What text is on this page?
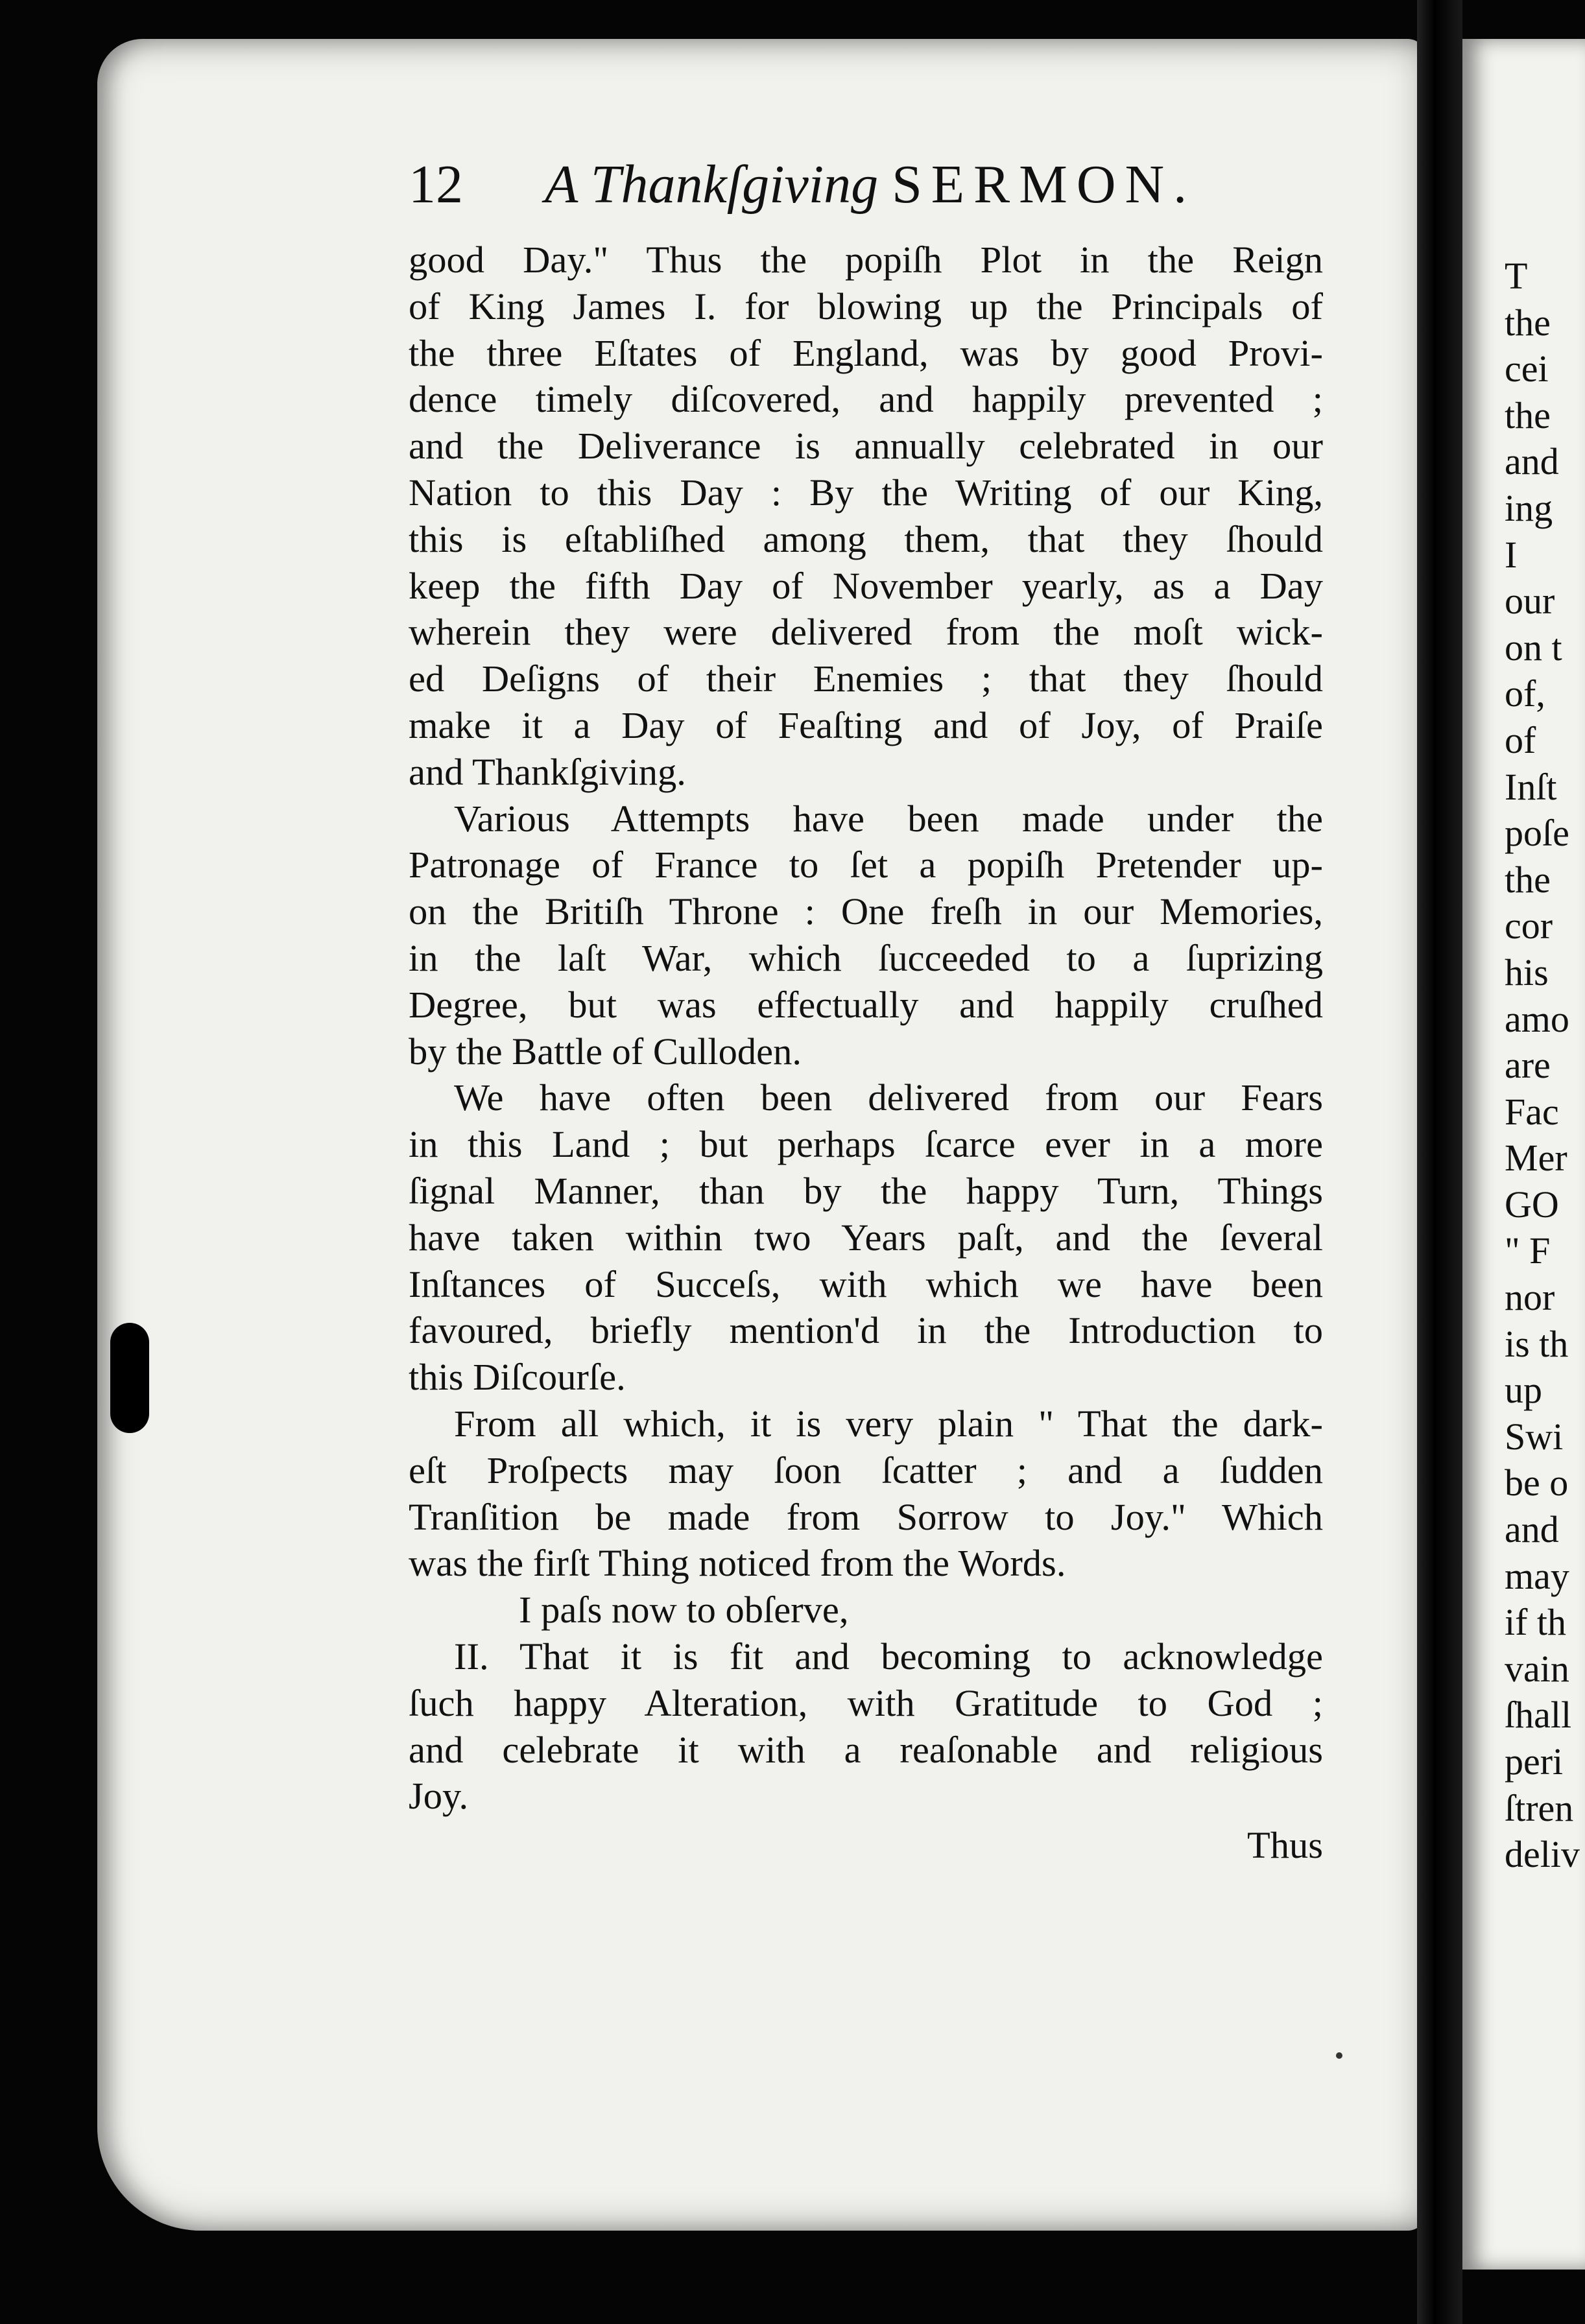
12 A Thankſgiving SERMON.
good Day." Thus the popiſh Plot in the Reign
of King James I. for blowing up the Principals of
the three Eſtates of England, was by good Provi-
dence timely diſcovered, and happily prevented ;
and the Deliverance is annually celebrated in our
Nation to this Day : By the Writing of our King,
this is eſtabliſhed among them, that they ſhould
keep the fifth Day of November yearly, as a Day
wherein they were delivered from the moſt wick-
ed Deſigns of their Enemies ; that they ſhould
make it a Day of Feaſting and of Joy, of Praiſe
and Thankſgiving.
Various Attempts have been made under the
Patronage of France to ſet a popiſh Pretender up-
on the Britiſh Throne : One freſh in our Memories,
in the laſt War, which ſucceeded to a ſuprizing
Degree, but was effectually and happily cruſhed
by the Battle of Culloden.
We have often been delivered from our Fears
in this Land ; but perhaps ſcarce ever in a more
ſignal Manner, than by the happy Turn, Things
have taken within two Years paſt, and the ſeveral
Inſtances of Succeſs, with which we have been
favoured, briefly mention'd in the Introduction to
this Diſcourſe.
From all which, it is very plain " That the dark-
eſt Proſpects may ſoon ſcatter ; and a ſudden
Tranſition be made from Sorrow to Joy." Which
was the firſt Thing noticed from the Words.
I paſs now to obſerve,
II. That it is fit and becoming to acknowledge
ſuch happy Alteration, with Gratitude to God ;
and celebrate it with a reaſonable and religious
Joy.
Thus
T
the
cei
the
and
ing
I
our
on t
of,
of
Inſt
poſe
the
cor
his
amo
are
Fac
Mer
GO
" F
nor
is th
up
Swi
be o
and
may
if th
vain
ſhall
peri
ſtren
deliv
